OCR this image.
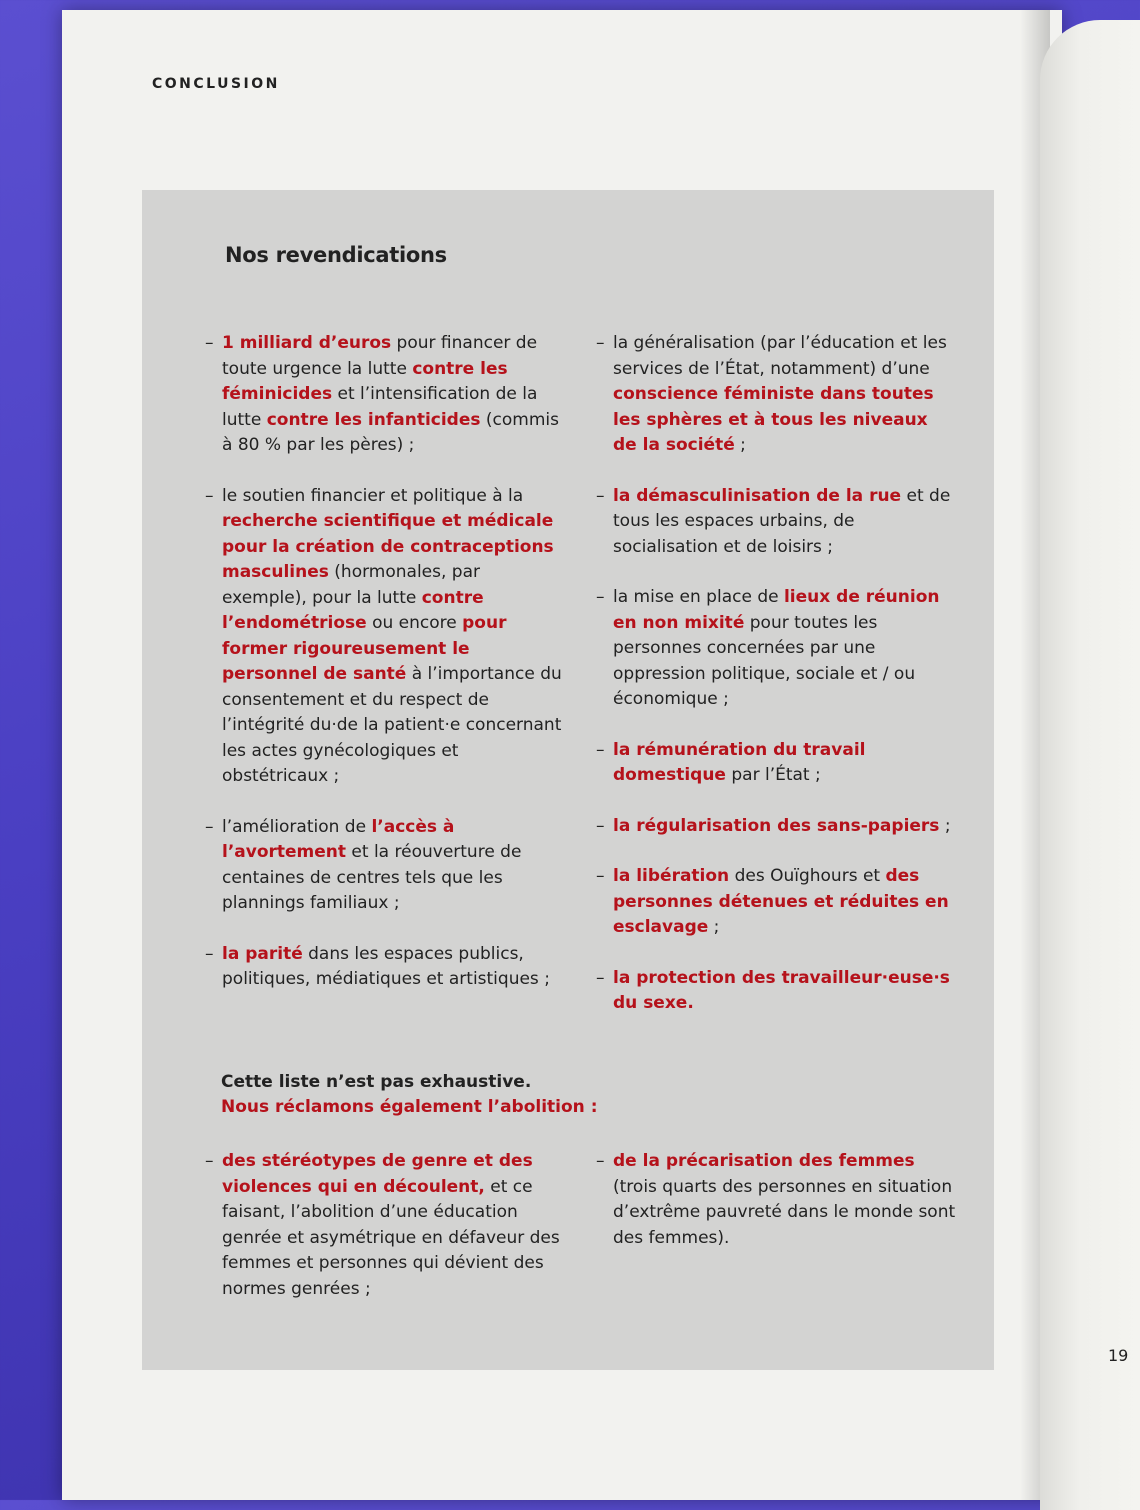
19
CONCLUSION
Nos revendications
– 1 milliard d’euros pour financer de toute urgence la lutte contre les féminicides et l’intensification de la lutte contre les infanticides (commis à 80 % par les pères) ;
– le soutien financier et politique à la recherche scientifique et médicale pour la création de contraceptions masculines (hormonales, par exemple), pour la lutte contre l’endométriose ou encore pour former rigoureusement le personnel de santé à l’importance du consentement et du respect de l’intégrité du·de la patient·e concernant les actes gynécologiques et obstétricaux ;
– l’amélioration de l’accès à l’avortement et la réouverture de centaines de centres tels que les plannings familiaux ;
– la parité dans les espaces publics, politiques, médiatiques et artistiques ;
– la généralisation (par l’éducation et les services de l’État, notamment) d’une conscience féministe dans toutes les sphères et à tous les niveaux de la société ;
– la démasculinisation de la rue et de tous les espaces urbains, de socialisation et de loisirs ;
– la mise en place de lieux de réunion en non mixité pour toutes les personnes concernées par une oppression politique, sociale et / ou économique ;
– la rémunération du travail domestique par l’État ;
– la régularisation des sans-papiers ;
– la libération des Ouïghours et des personnes détenues et réduites en esclavage ;
– la protection des travailleur·euse·s du sexe.
Cette liste n’est pas exhaustive.
Nous réclamons également l’abolition :
– des stéréotypes de genre et des violences qui en découlent, et ce faisant, l’abolition d’une éducation genrée et asymétrique en défaveur des femmes et personnes qui dévient des normes genrées ;
– de la précarisation des femmes (trois quarts des personnes en situation d’extrême pauvreté dans le monde sont des femmes).
